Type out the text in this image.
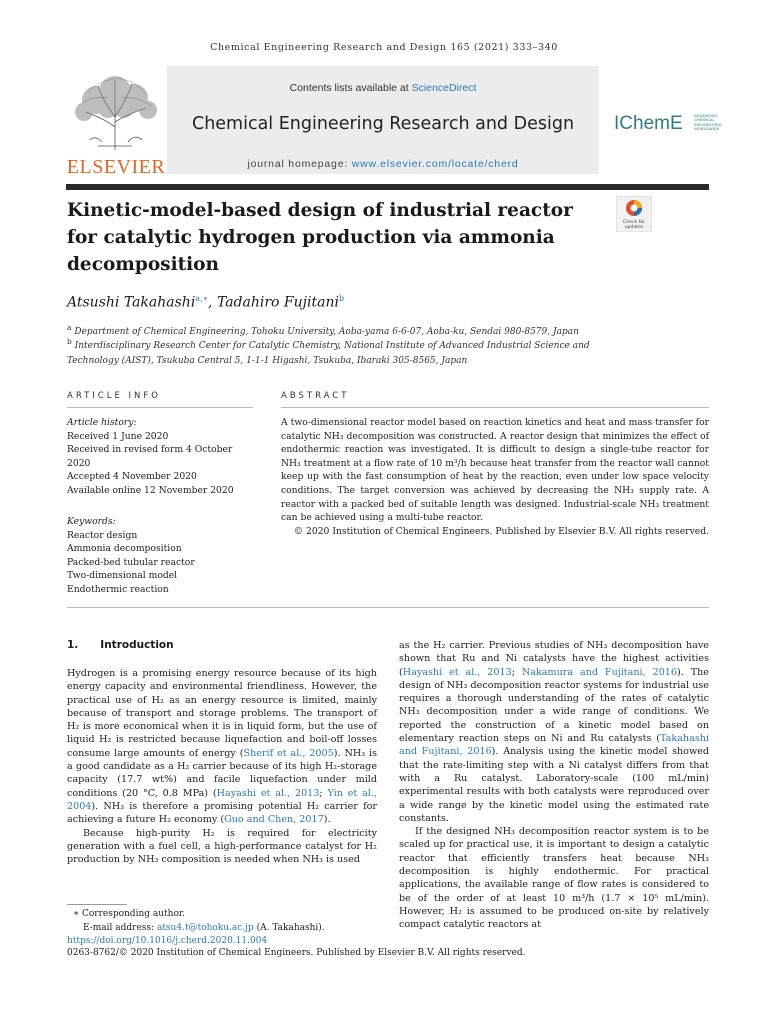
Chemical Engineering Research and Design 165 (2021) 333–340
ELSEVIER
Contents lists available at ScienceDirect
Chemical Engineering Research and Design
journal homepage: www.elsevier.com/locate/cherd
IChemE	ADVANCING CHEMICAL ENGINEERING WORLDWIDE
Kinetic-model-based design of industrial reactor
for catalytic hydrogen production via ammonia
decomposition
Check for
updates
Atsushi Takahashi$^{a,∗}$, Tadahiro Fujitani$^b$
$^a$ Department of Chemical Engineering, Tohoku University, Aoba-yama 6-6-07, Aoba-ku, Sendai 980-8579, Japan
$^b$ Interdisciplinary Research Center for Catalytic Chemistry, National Institute of Advanced Industrial Science and
Technology (AIST), Tsukuba Central 5, 1-1-1 Higashi, Tsukuba, Ibaraki 305-8565, Japan
ARTICLE INFO
Article history:
Received 1 June 2020
Received in revised form 4 October
2020
Accepted 4 November 2020
Available online 12 November 2020
Keywords:
Reactor design
Ammonia decomposition
Packed-bed tubular reactor
Two-dimensional model
Endothermic reaction
ABSTRACT
A two-dimensional reactor model based on reaction kinetics and heat and mass transfer for catalytic NH₃ decomposition was constructed. A reactor design that minimizes the effect of endothermic reaction was investigated. It is difficult to design a single-tube reactor for NH₃ treatment at a flow rate of 10 m³/h because heat transfer from the reactor wall cannot keep up with the fast consumption of heat by the reaction, even under low space velocity conditions. The target conversion was achieved by decreasing the NH₃ supply rate. A reactor with a packed bed of suitable length was designed. Industrial-scale NH₃ treatment can be achieved using a multi-tube reactor.
© 2020 Institution of Chemical Engineers. Published by Elsevier B.V. All rights reserved.
1. Introduction

Hydrogen is a promising energy resource because of its high energy capacity and environmental friendliness. However, the practical use of H₂ as an energy resource is limited, mainly because of transport and storage problems. The transport of H₂ is more economical when it is in liquid form, but the use of liquid H₂ is restricted because liquefaction and boil-off losses consume large amounts of energy (Sherif et al., 2005). NH₃ is a good candidate as a H₂ carrier because of its high H₂-storage capacity (17.7 wt%) and facile liquefaction under mild conditions (20 °C, 0.8 MPa) (Hayashi et al., 2013; Yin et al., 2004). NH₃ is therefore a promising potential H₂ carrier for achieving a future H₂ economy (Guo and Chen, 2017).

Because high-purity H₂ is required for electricity generation with a fuel cell, a high-performance catalyst for H₂ production by NH₃ composition is needed when NH₃ is used

as the H₂ carrier. Previous studies of NH₃ decomposition have shown that Ru and Ni catalysts have the highest activities (Hayashi et al., 2013; Nakamura and Fujitani, 2016). The design of NH₃ decomposition reactor systems for industrial use requires a thorough understanding of the rates of catalytic NH₃ decomposition under a wide range of conditions. We reported the construction of a kinetic model based on elementary reaction steps on Ni and Ru catalysts (Takahashi and Fujitani, 2016). Analysis using the kinetic model showed that the rate-limiting step with a Ni catalyst differs from that with a Ru catalyst. Laboratory-scale (100 mL/min) experimental results with both catalysts were reproduced over a wide range by the kinetic model using the estimated rate constants.

If the designed NH₃ decomposition reactor system is to be scaled up for practical use, it is important to design a catalytic reactor that efficiently transfers heat because NH₃ decomposition is highly endothermic. For practical applications, the available range of flow rates is considered to be of the order of at least 10 m³/h (1.7 × 10⁵ mL/min). However, H₂ is assumed to be produced on-site by relatively compact catalytic reactors at

∗ Corresponding author.
E-mail address: atsu4.t@tohoku.ac.jp (A. Takahashi).
https://doi.org/10.1016/j.cherd.2020.11.004
0263-8762/© 2020 Institution of Chemical Engineers. Published by Elsevier B.V. All rights reserved.
